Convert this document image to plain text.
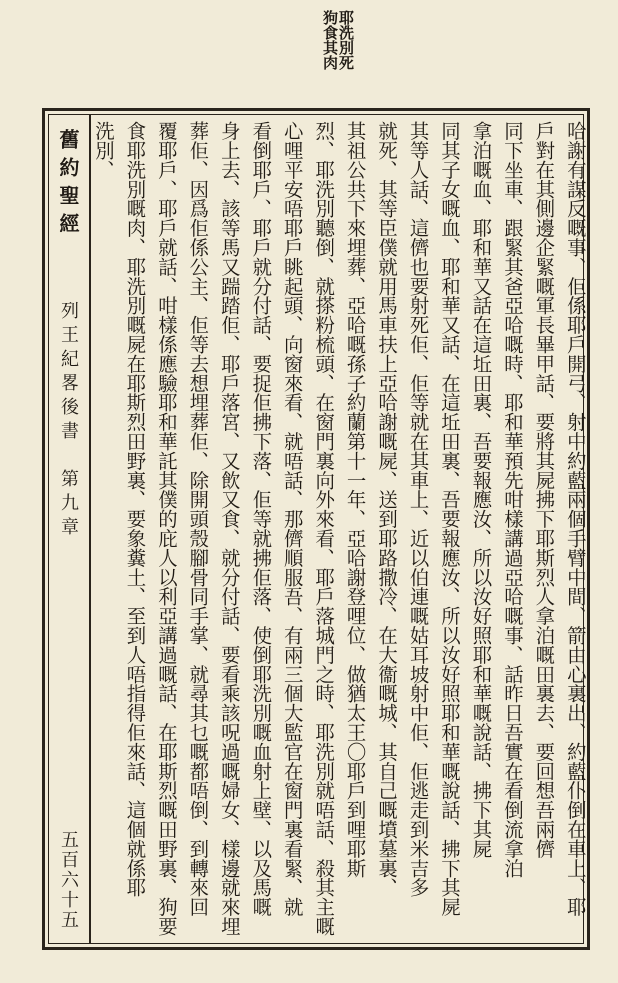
耶洗別死
狗食其肉
舊約聖經
列王紀畧後書　第九章
五百六十五	哈謝有謀反嘅事、佢係耶戶開弓、射中約藍兩個手臂中間、箭由心裏出、約藍仆倒在車上、耶
戶對在其側邊企緊嘅軍長畢甲話、要將其屍拂下耶斯烈人拿泊嘅田裏去、要回想吾兩儕
同下坐車、跟緊其爸亞哈嘅時、耶和華預先咁樣講過亞哈嘅事、話昨日吾實在看倒流拿泊
拿泊嘅血、耶和華又話在這坵田裏、吾要報應汝、所以汝好照耶和華嘅說話、拂下其屍
同其子女嘅血、耶和華又話、在這坵田裏、吾要報應汝、所以汝好照耶和華嘅說話、拂下其屍
其等人話、這儕也要射死佢、佢等就在其車上、近以伯連嘅姑耳坡射中佢、佢逃走到米吉多
就死、其等臣僕就用馬車扶上亞哈謝嘅屍、送到耶路撒冷、在大衞嘅城、其自己嘅墳墓裏、
其祖公共下來埋葬、亞哈嘅孫子約蘭第十一年、亞哈謝登哩位、做猶太王〇耶戶到哩耶斯
烈、耶洗別聽倒、就搽粉梳頭、在窗門裏向外來看、耶戶落城門之時、耶洗別就唔話、殺其主嘅
心哩平安唔耶戶眺起頭、向窗來看、就唔話、那儕順服吾、有兩三個大監官在窗門裏看緊、就
看倒耶戶、耶戶就分付話、要捉佢拂下落、佢等就拂佢落、使倒耶洗別嘅血射上壁、以及馬嘅
身上去、該等馬又踹踏佢、耶戶落宮、又飲又食、就分付話、要看乘該呪過嘅婦女、樣邊就來埋
葬佢、因爲佢係公主、佢等去想埋葬佢、除開頭殼腳骨同手掌、就尋其乜嘅都唔倒、到轉來回
覆耶戶、耶戶就話、咁樣係應驗耶和華託其僕的庇人以利亞講過嘅話、在耶斯烈嘅田野裏、狗要
食耶洗別嘅肉、耶洗別嘅屍在耶斯烈田野裏、要象糞土、至到人唔指得佢來話、這個就係耶
洗別、
